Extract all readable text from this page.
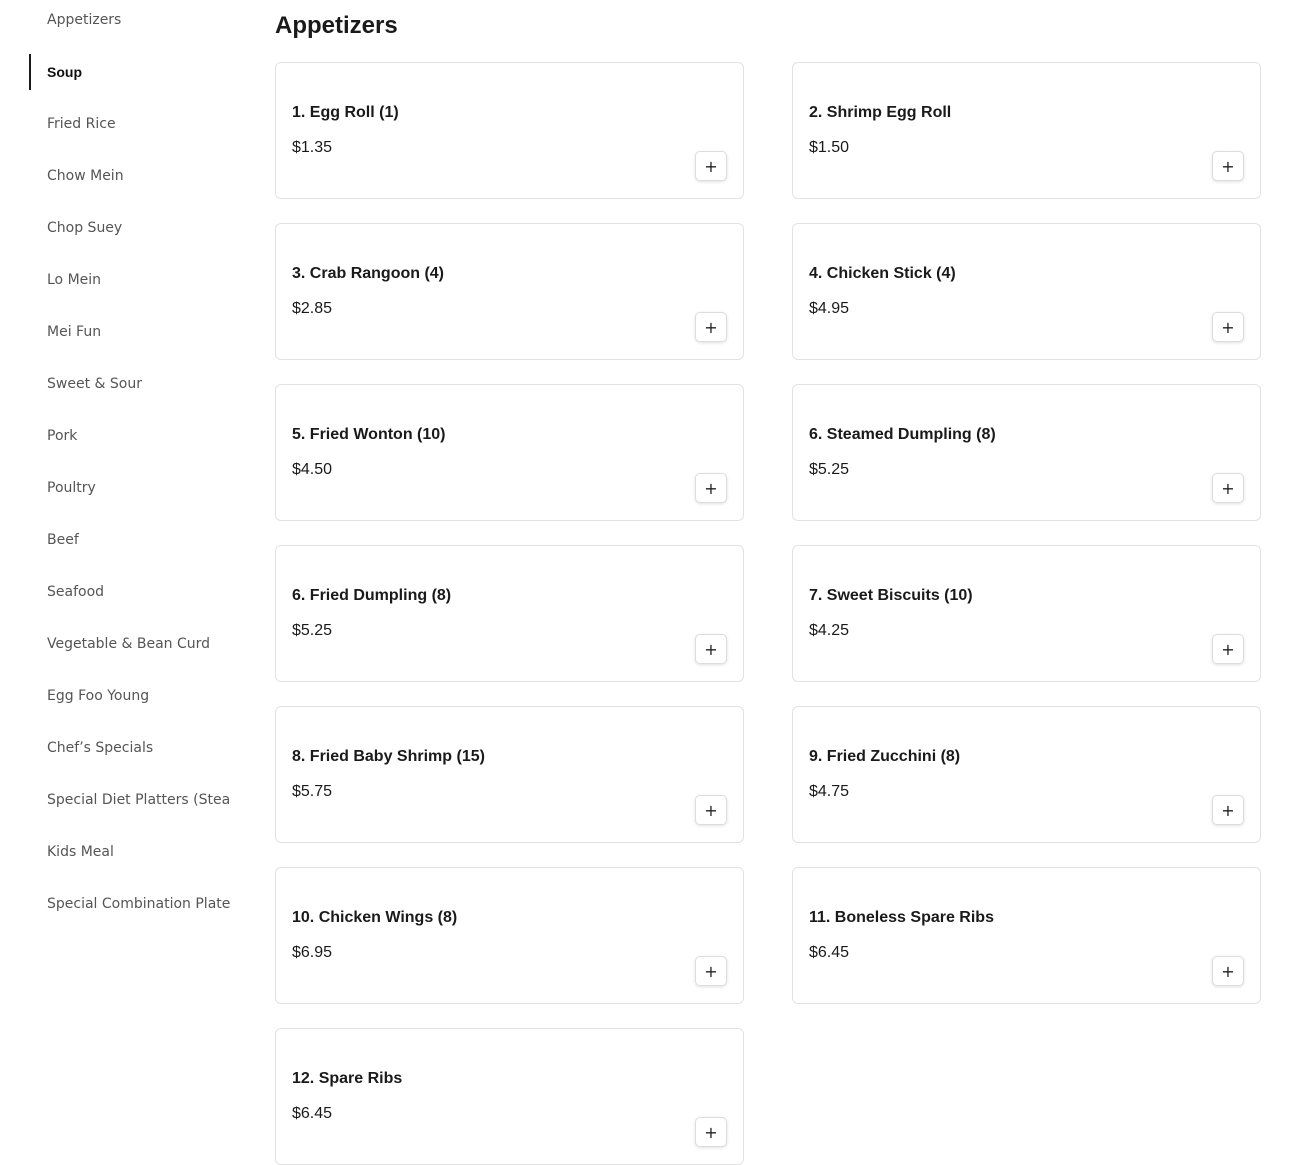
Appetizers
Soup
Fried Rice
Chow Mein
Chop Suey
Lo Mein
Mei Fun
Sweet & Sour
Pork
Poultry
Beef
Seafood
Vegetable & Bean Curd
Egg Foo Young
Chef’s Specials
Special Diet Platters (Stea
Kids Meal
Special Combination Plate
Appetizers
1. Egg Roll (1)
$1.35
+
2. Shrimp Egg Roll
$1.50
+
3. Crab Rangoon (4)
$2.85
+
4. Chicken Stick (4)
$4.95
+
5. Fried Wonton (10)
$4.50
+
6. Steamed Dumpling (8)
$5.25
+
6. Fried Dumpling (8)
$5.25
+
7. Sweet Biscuits (10)
$4.25
+
8. Fried Baby Shrimp (15)
$5.75
+
9. Fried Zucchini (8)
$4.75
+
10. Chicken Wings (8)
$6.95
+
11. Boneless Spare Ribs
$6.45
+
12. Spare Ribs
$6.45
+
